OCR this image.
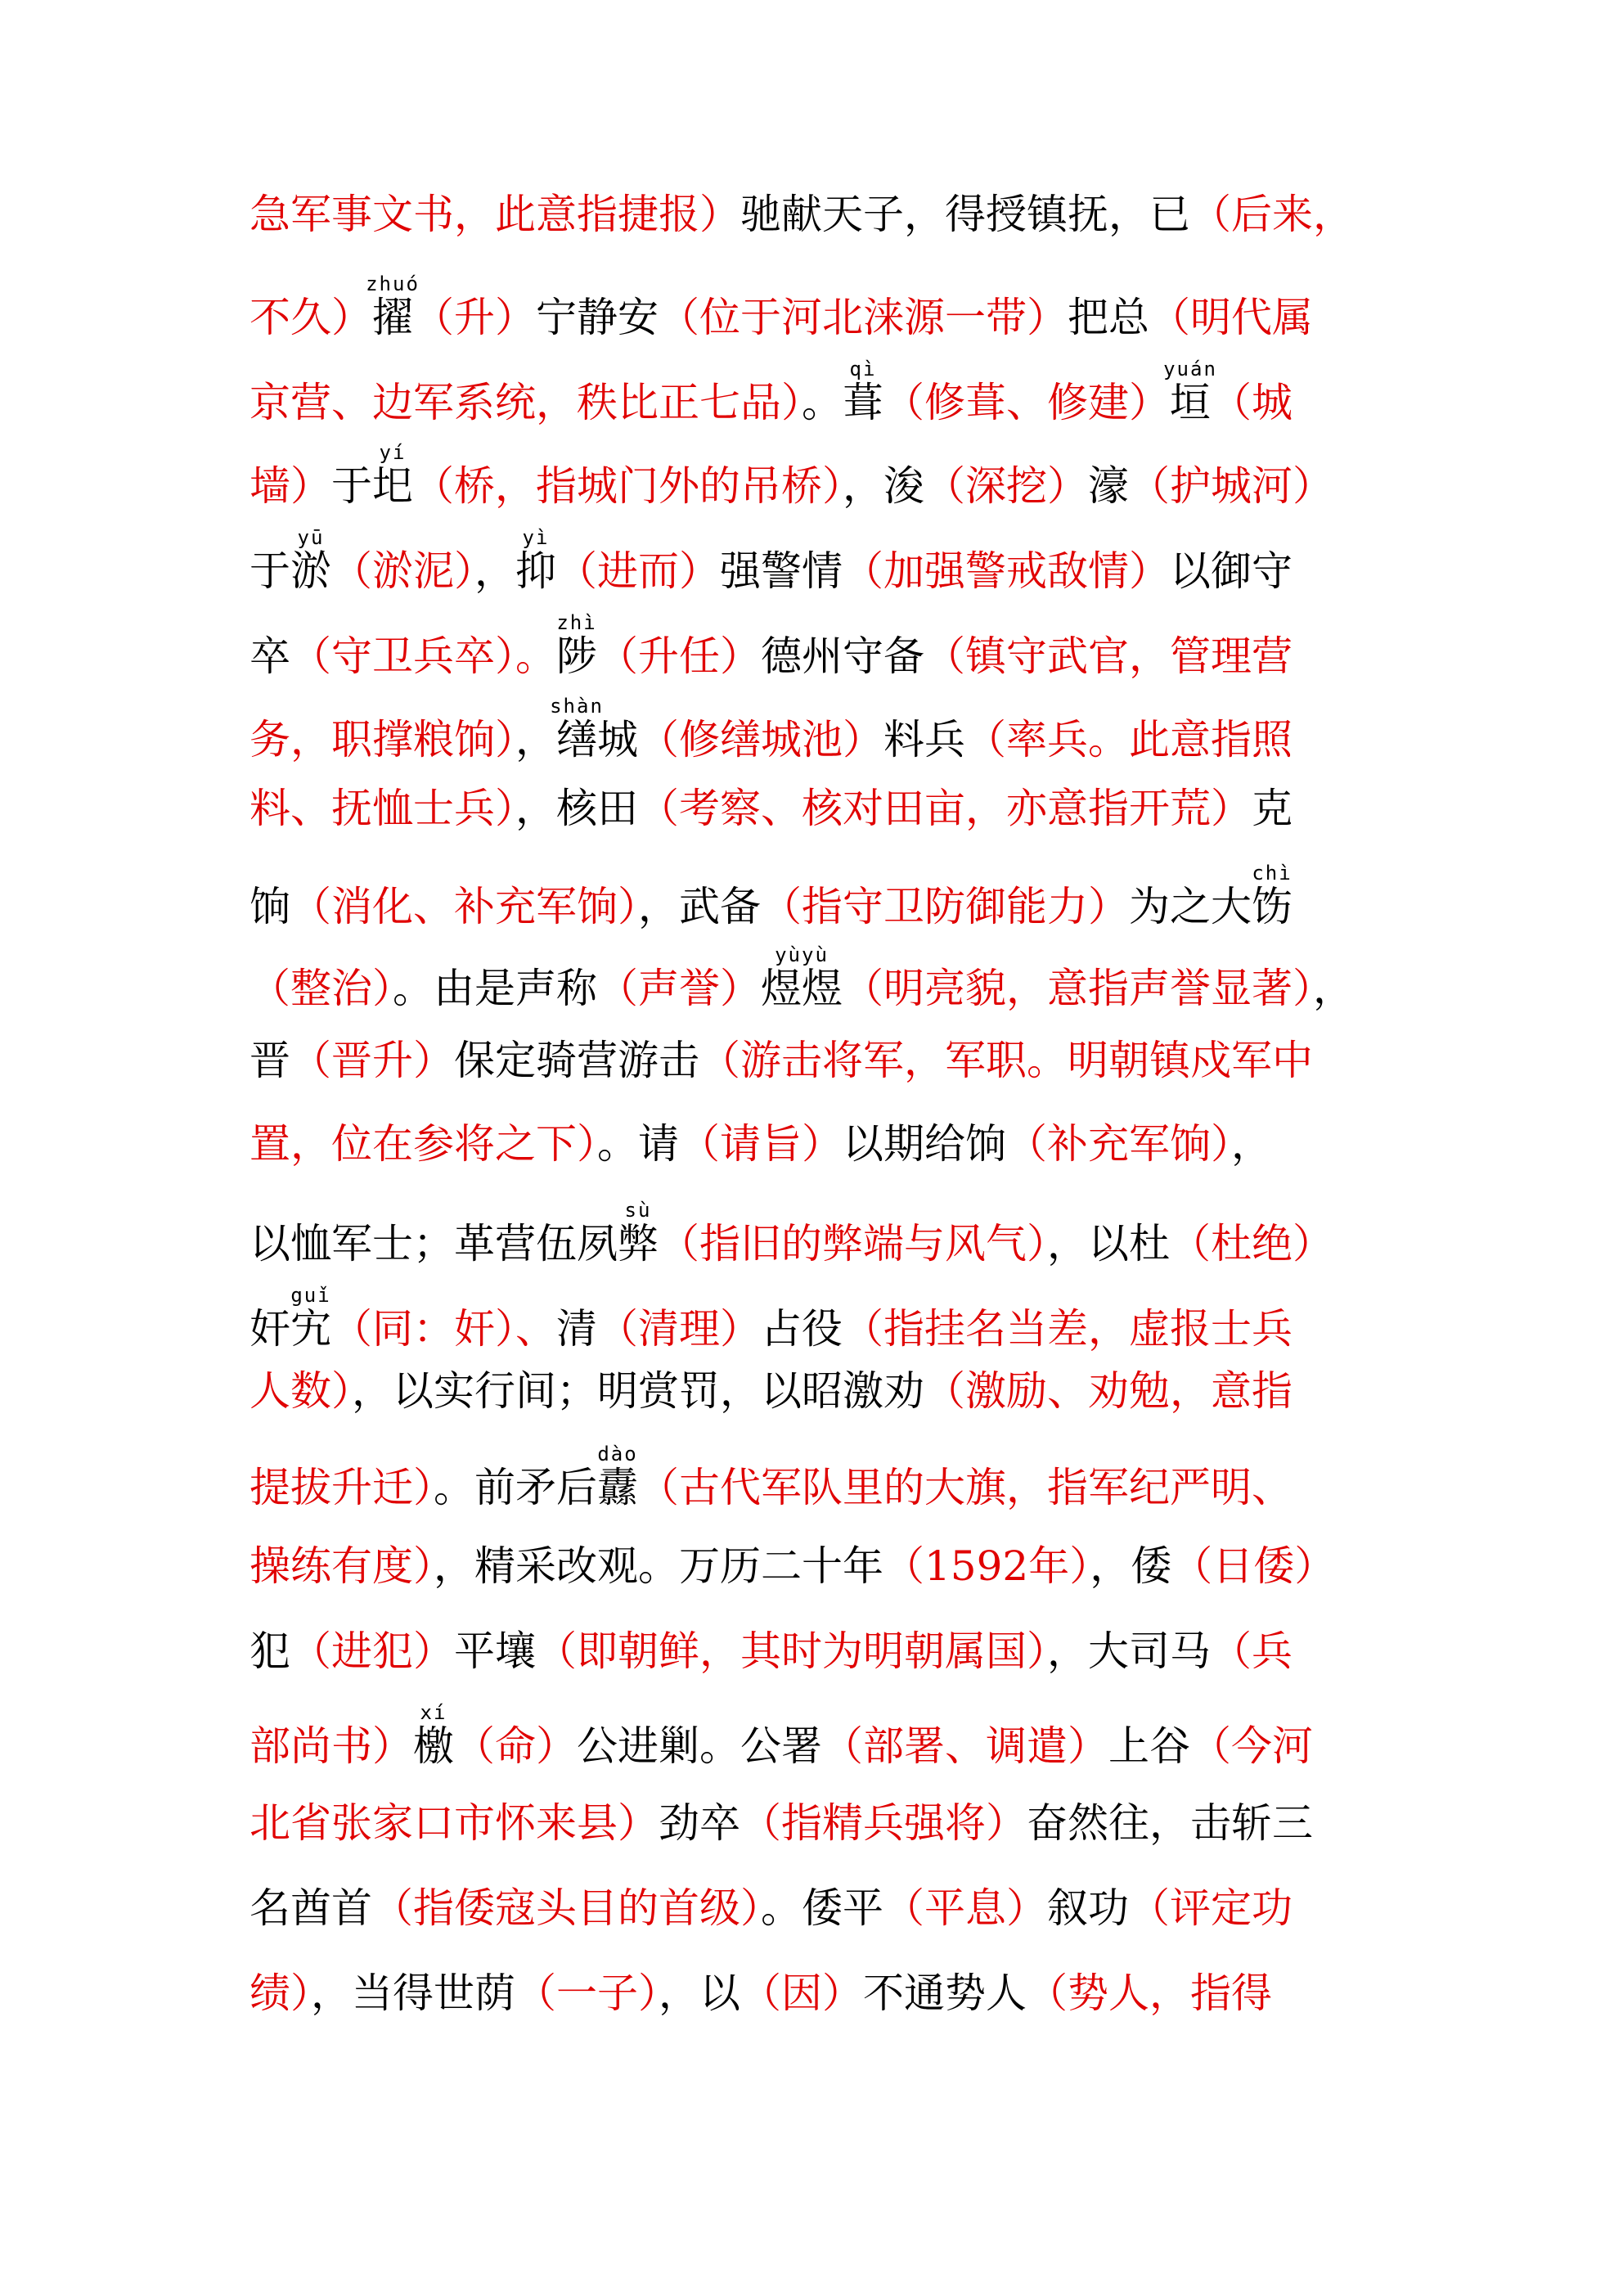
急军事文书，此意指捷报）驰献天子，得授镇抚，已（后来，
不久）擢zhuó（升）宁静安（位于河北涞源一带）把总（明代属
京营、边军系统，秩比正七品）。葺qì（修葺、修建）垣yuán（城
墙）于圯yí（桥，指城门外的吊桥），浚（深挖）濠（护城河）
于淤yū（淤泥），抑yì（进而）强警情（加强警戒敌情）以御守
卒（守卫兵卒）。陟zhì（升任）德州守备（镇守武官，管理营
务，职撑粮饷），缮shàn城（修缮城池）料兵（率兵。此意指照
料、抚恤士兵），核田（考察、核对田亩，亦意指开荒）克
饷（消化、补充军饷），武备（指守卫防御能力）为之大饬chì
（整治）。由是声称（声誉）煜煜yùyù（明亮貌，意指声誉显著），
晋（晋升）保定骑营游击（游击将军，军职。明朝镇戍军中
置，位在参将之下）。请（请旨）以期给饷（补充军饷），
以恤军士；革营伍夙弊sù（指旧的弊端与风气），以杜（杜绝）
奸宄guǐ（同：奸）、清（清理）占役（指挂名当差，虚报士兵
人数），以实行间；明赏罚，以昭激劝（激励、劝勉，意指
提拔升迁）。前矛后纛dào（古代军队里的大旗，指军纪严明、
操练有度），精采改观。万历二十年（1592年），倭（日倭）
犯（进犯）平壤（即朝鲜，其时为明朝属国），大司马（兵
部尚书）檄xí（命）公进剿。公署（部署、调遣）上谷（今河
北省张家口市怀来县）劲卒（指精兵强将）奋然往，击斩三
名酋首（指倭寇头目的首级）。倭平（平息）叙功（评定功
绩），当得世荫（一子），以（因）不通势人（势人，指得
